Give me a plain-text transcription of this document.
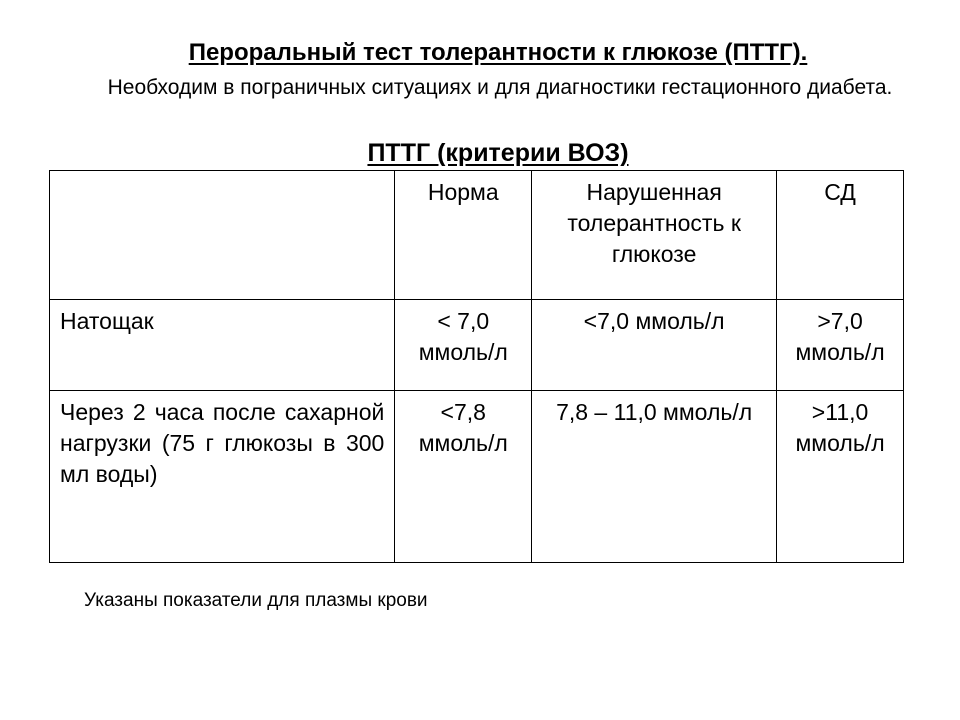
Пероральный тест толерантности к глюкозе (ПТТГ).
Необходим в пограничных ситуациях и для диагностики гестационного диабета.
ПТТГ (критерии ВОЗ)
	Норма	Нарушенная толерантность к глюкозе	СД
Натощак	< 7,0 ммоль/л	<7,0 ммоль/л	>7,0 ммоль/л
Через 2 часа после сахарной нагрузки (75 г глюкозы в 300 мл воды)	<7,8 ммоль/л	7,8 – 11,0 ммоль/л	>11,0 ммоль/л
Указаны показатели для плазмы крови
